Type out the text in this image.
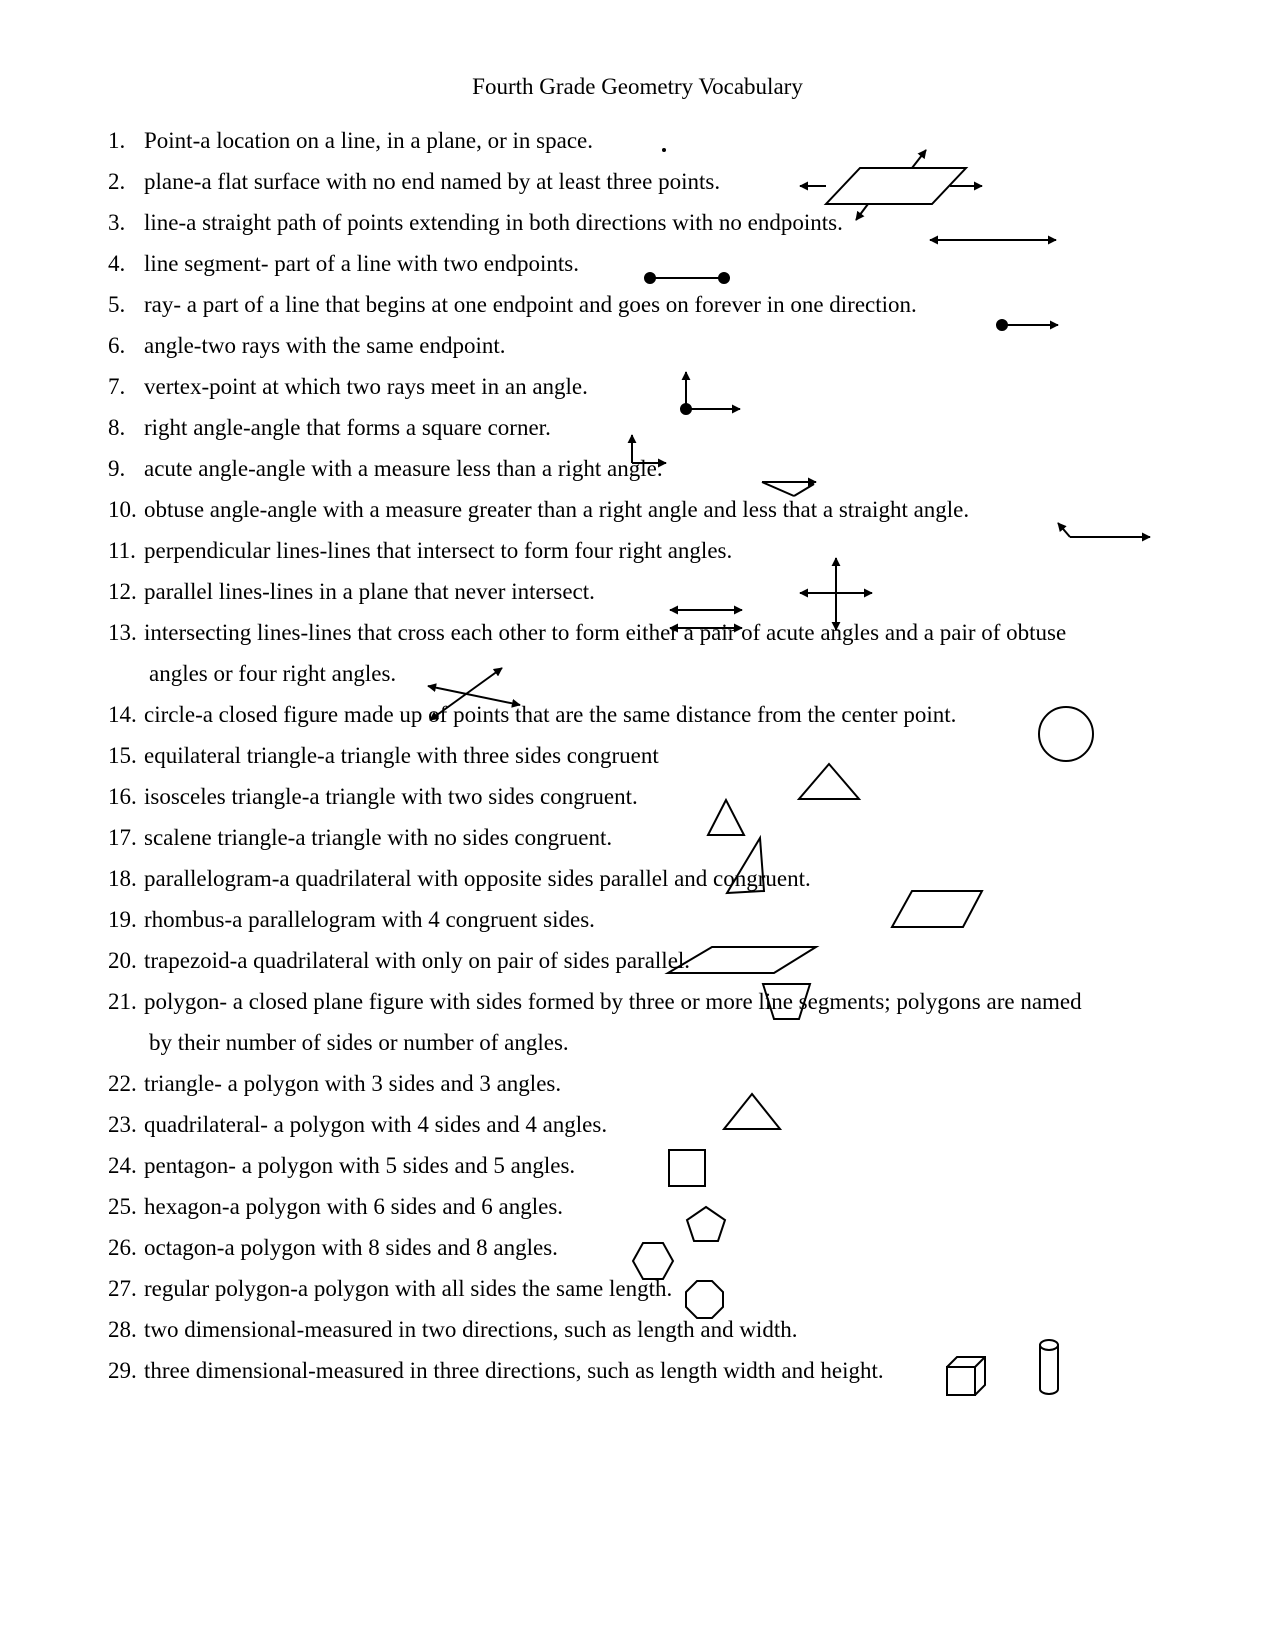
Fourth Grade Geometry Vocabulary
1. Point-a location on a line, in a plane, or in space.
2. plane-a flat surface with no end named by at least three points.
3. line-a straight path of points extending in both directions with no endpoints.
4. line segment- part of a line with two endpoints.
5. ray- a part of a line that begins at one endpoint and goes on forever in one direction.
6. angle-two rays with the same endpoint.
7. vertex-point at which two rays meet in an angle.
8. right angle-angle that forms a square corner.
9. acute angle-angle with a measure less than a right angle.
10. obtuse angle-angle with a measure greater than a right angle and less that a straight angle.
11. perpendicular lines-lines that intersect to form four right angles.
12. parallel lines-lines in a plane that never intersect.
13. intersecting lines-lines that cross each other to form either a pair of acute angles and a pair of obtuse
angles or four right angles.
14. circle-a closed figure made up of points that are the same distance from the center point.
15. equilateral triangle-a triangle with three sides congruent
16. isosceles triangle-a triangle with two sides congruent.
17. scalene triangle-a triangle with no sides congruent.
18. parallelogram-a quadrilateral with opposite sides parallel and congruent.
19. rhombus-a parallelogram with 4 congruent sides.
20. trapezoid-a quadrilateral with only on pair of sides parallel.
21. polygon- a closed plane figure with sides formed by three or more line segments; polygons are named
by their number of sides or number of angles.
22. triangle- a polygon with 3 sides and 3 angles.
23. quadrilateral- a polygon with 4 sides and 4 angles.
24. pentagon- a polygon with 5 sides and 5 angles.
25. hexagon-a polygon with 6 sides and 6 angles.
26. octagon-a polygon with 8 sides and 8 angles.
27. regular polygon-a polygon with all sides the same length.
28. two dimensional-measured in two directions, such as length and width.
29. three dimensional-measured in three directions, such as length width and height.
